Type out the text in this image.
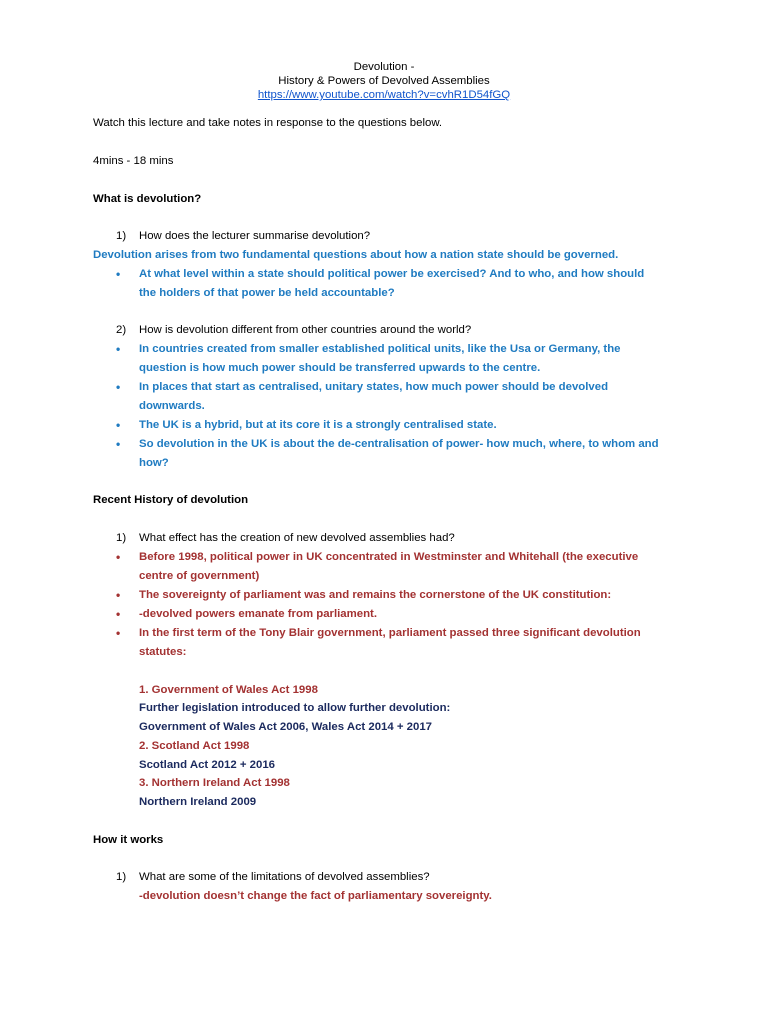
Devolution -
History & Powers of Devolved Assemblies
https://www.youtube.com/watch?v=cvhR1D54fGQ
Watch this lecture and take notes in response to the questions below.
4mins - 18 mins
What is devolution?
1) How does the lecturer summarise devolution?
Devolution arises from two fundamental questions about how a nation state should be governed.
• At what level within a state should political power be exercised? And to who, and how should
the holders of that power be held accountable?
2) How is devolution different from other countries around the world?
• In countries created from smaller established political units, like the Usa or Germany, the
question is how much power should be transferred upwards to the centre.
• In places that start as centralised, unitary states, how much power should be devolved
downwards.
• The UK is a hybrid, but at its core it is a strongly centralised state.
• So devolution in the UK is about the de-centralisation of power- how much, where, to whom and
how?
Recent History of devolution
1) What effect has the creation of new devolved assemblies had?
• Before 1998, political power in UK concentrated in Westminster and Whitehall (the executive
centre of government)
• The sovereignty of parliament was and remains the cornerstone of the UK constitution:
• -devolved powers emanate from parliament.
• In the first term of the Tony Blair government, parliament passed three significant devolution
statutes:
1. Government of Wales Act 1998
Further legislation introduced to allow further devolution:
Government of Wales Act 2006, Wales Act 2014 + 2017
2. Scotland Act 1998
Scotland Act 2012 + 2016
3. Northern Ireland Act 1998
Northern Ireland 2009
How it works
1) What are some of the limitations of devolved assemblies?
-devolution doesn’t change the fact of parliamentary sovereignty.
